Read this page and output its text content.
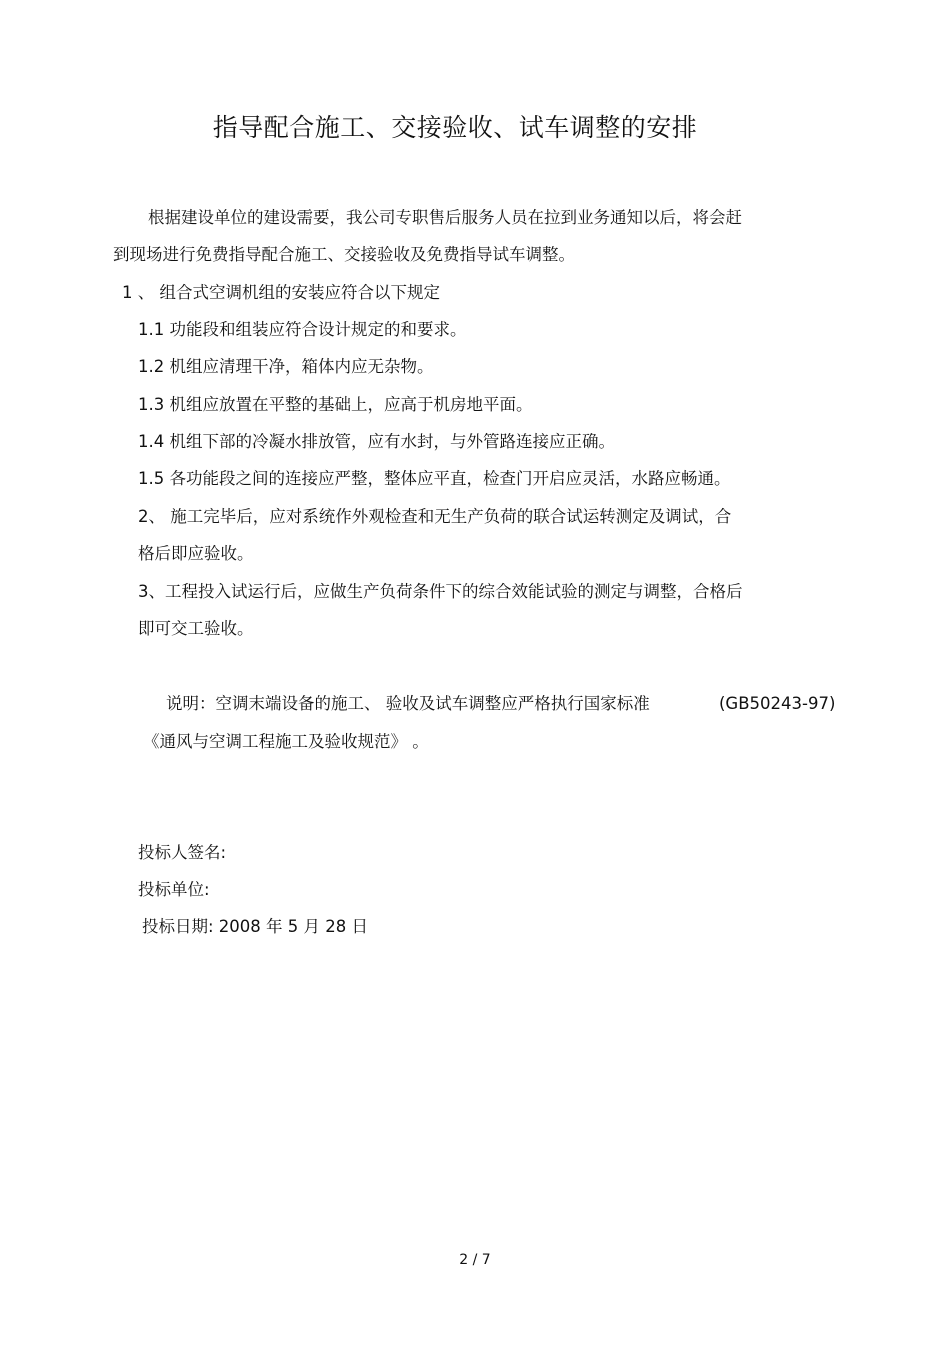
指导配合施工、交接验收、试车调整的安排
根据建设单位的建设需要，我公司专职售后服务人员在拉到业务通知以后，将会赶
到现场进行免费指导配合施工、交接验收及免费指导试车调整。
1 、 组合式空调机组的安装应符合以下规定
1.1 功能段和组装应符合设计规定的和要求。
1.2 机组应清理干净，箱体内应无杂物。
1.3 机组应放置在平整的基础上，应高于机房地平面。
1.4 机组下部的冷凝水排放管，应有水封，与外管路连接应正确。
1.5 各功能段之间的连接应严整，整体应平直，检查门开启应灵活，水路应畅通。
2、 施工完毕后，应对系统作外观检查和无生产负荷的联合试运转测定及调试，合
格后即应验收。
3、工程投入试运行后，应做生产负荷条件下的综合效能试验的测定与调整，合格后
即可交工验收。
说明：空调末端设备的施工、 验收及试车调整应严格执行国家标准	(GB50243-97)
《通风与空调工程施工及验收规范》 。
投标人签名:
投标单位:
投标日期: 2008 年 5 月 28 日
2 / 7
